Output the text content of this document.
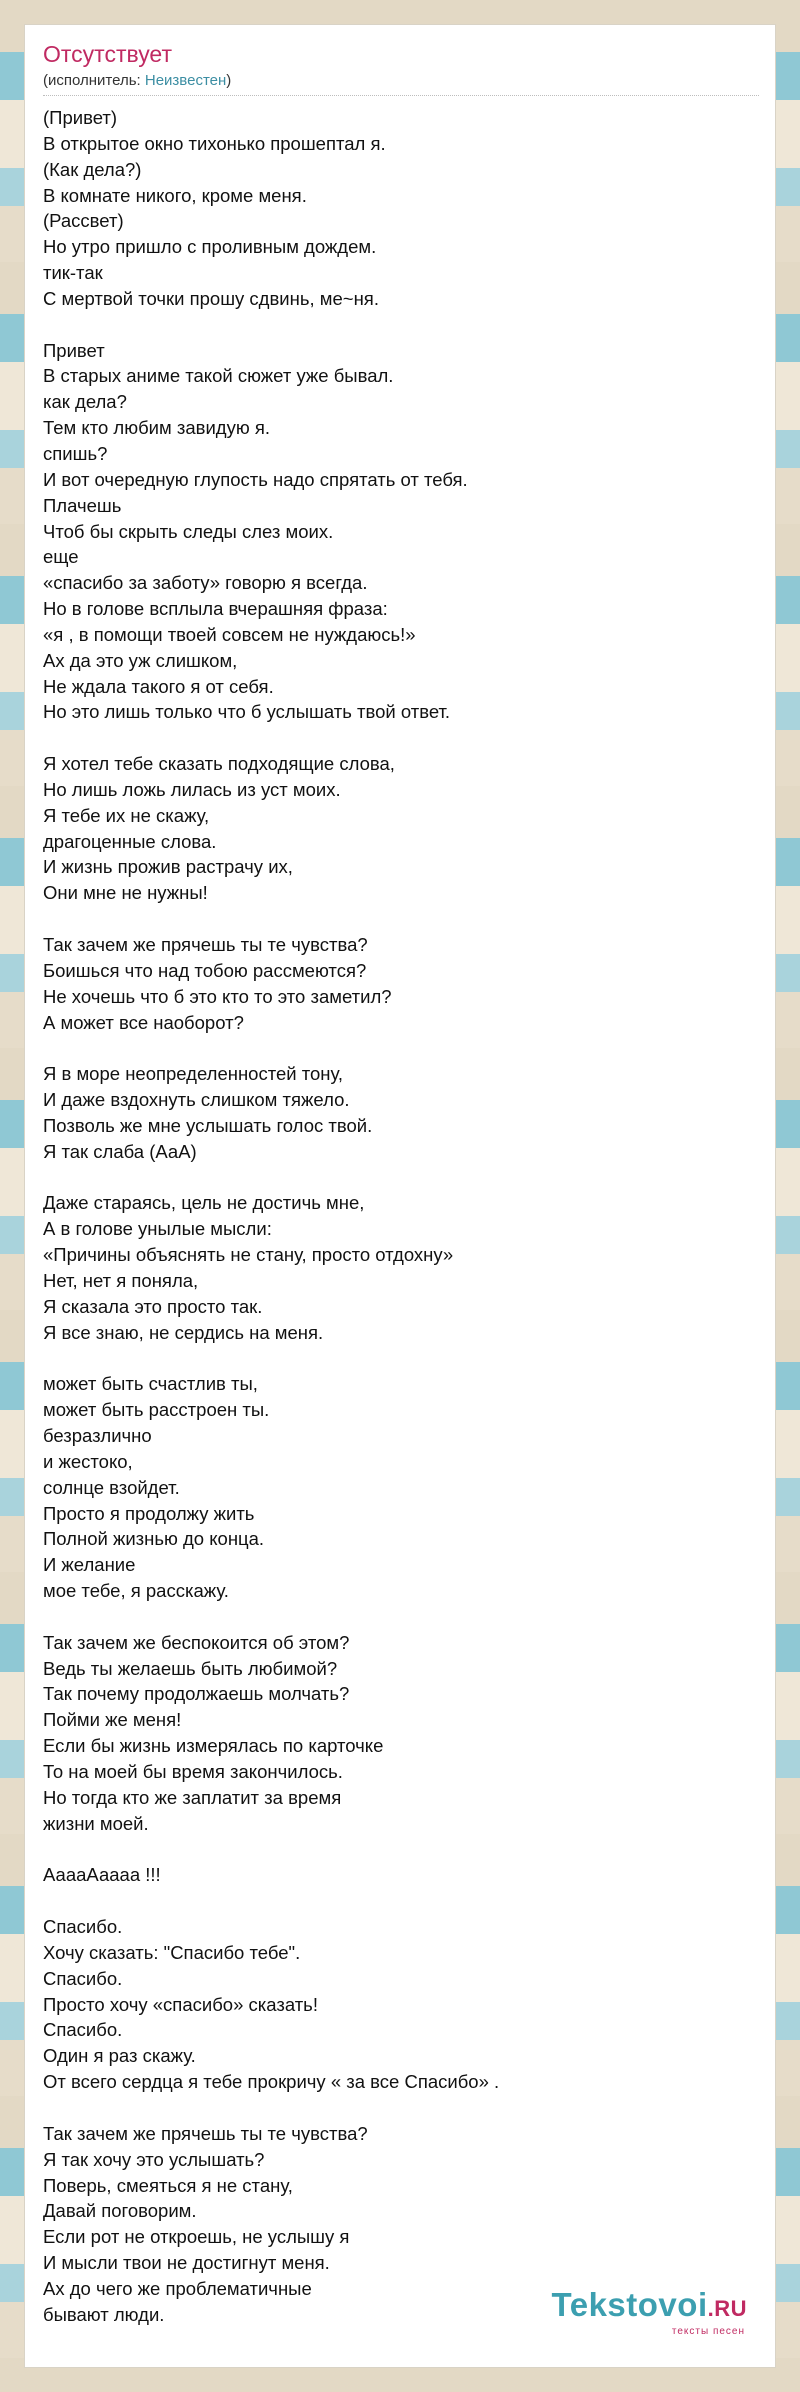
Отсутствует
(исполнитель: Неизвестен)
(Привет)
В открытое окно тихонько прошептал я.
(Как дела?)
В комнате никого, кроме меня.
(Рассвет)
Но утро пришло с проливным дождем.
тик-так
С мертвой точки прошу сдвинь, ме~ня.
Привет
В старых аниме такой сюжет уже бывал.
как дела?
Тем кто любим завидую я.
спишь?
И вот очередную глупость надо спрятать от тебя.
Плачешь
Чтоб бы скрыть следы слез моих.
еще
«спасибо за заботу» говорю я всегда.
Но в голове всплыла вчерашняя фраза:
«я , в помощи твоей совсем не нуждаюсь!»
Ах да это уж слишком,
Не ждала такого я от себя.
Но это лишь только что б услышать твой ответ.
Я хотел тебе сказать подходящие слова,
Но лишь ложь лилась из уст моих.
Я тебе их не скажу,
драгоценные слова.
И жизнь прожив растрачу их,
Они мне не нужны!
Так зачем же прячешь ты те чувства?
Боишься что над тобою рассмеются?
Не хочешь что б это кто то это заметил?
А может все наоборот?
Я в море неопределенностей тону,
И даже вздохнуть слишком тяжело.
Позволь же мне услышать голос твой.
Я так слаба (АаА)
Даже стараясь, цель не достичь мне,
А в голове унылые мысли:
«Причины объяснять не стану, просто отдохну»
Нет, нет я поняла,
Я сказала это просто так.
Я все знаю, не сердись на меня.
может быть счастлив ты,
может быть расстроен ты.
безразлично
и жестоко,
солнце взойдет.
Просто я продолжу жить
Полной жизнью до конца.
И желание
мое тебе, я расскажу.
Так зачем же беспокоится об этом?
Ведь ты желаешь быть любимой?
Так почему продолжаешь молчать?
Пойми же меня!
Если бы жизнь измерялась по карточке
То на моей бы время закончилось.
Но тогда кто же заплатит за время
жизни моей.
АаааАаааа !!!
Спасибо.
Хочу сказать: "Спасибо тебе".
Спасибо.
Просто хочу «спасибо» сказать!
Спасибо.
Один я раз скажу.
От всего сердца я тебе прокричу « за все Спасибо» .
Так зачем же прячешь ты те чувства?
Я так хочу это услышать?
Поверь, смеяться я не стану,
Давай поговорим.
Если рот не откроешь, не услышу я
И мысли твои не достигнут меня.
Ах до чего же проблематичные
бывают люди.	Tekstovoi.RU
тексты песен
